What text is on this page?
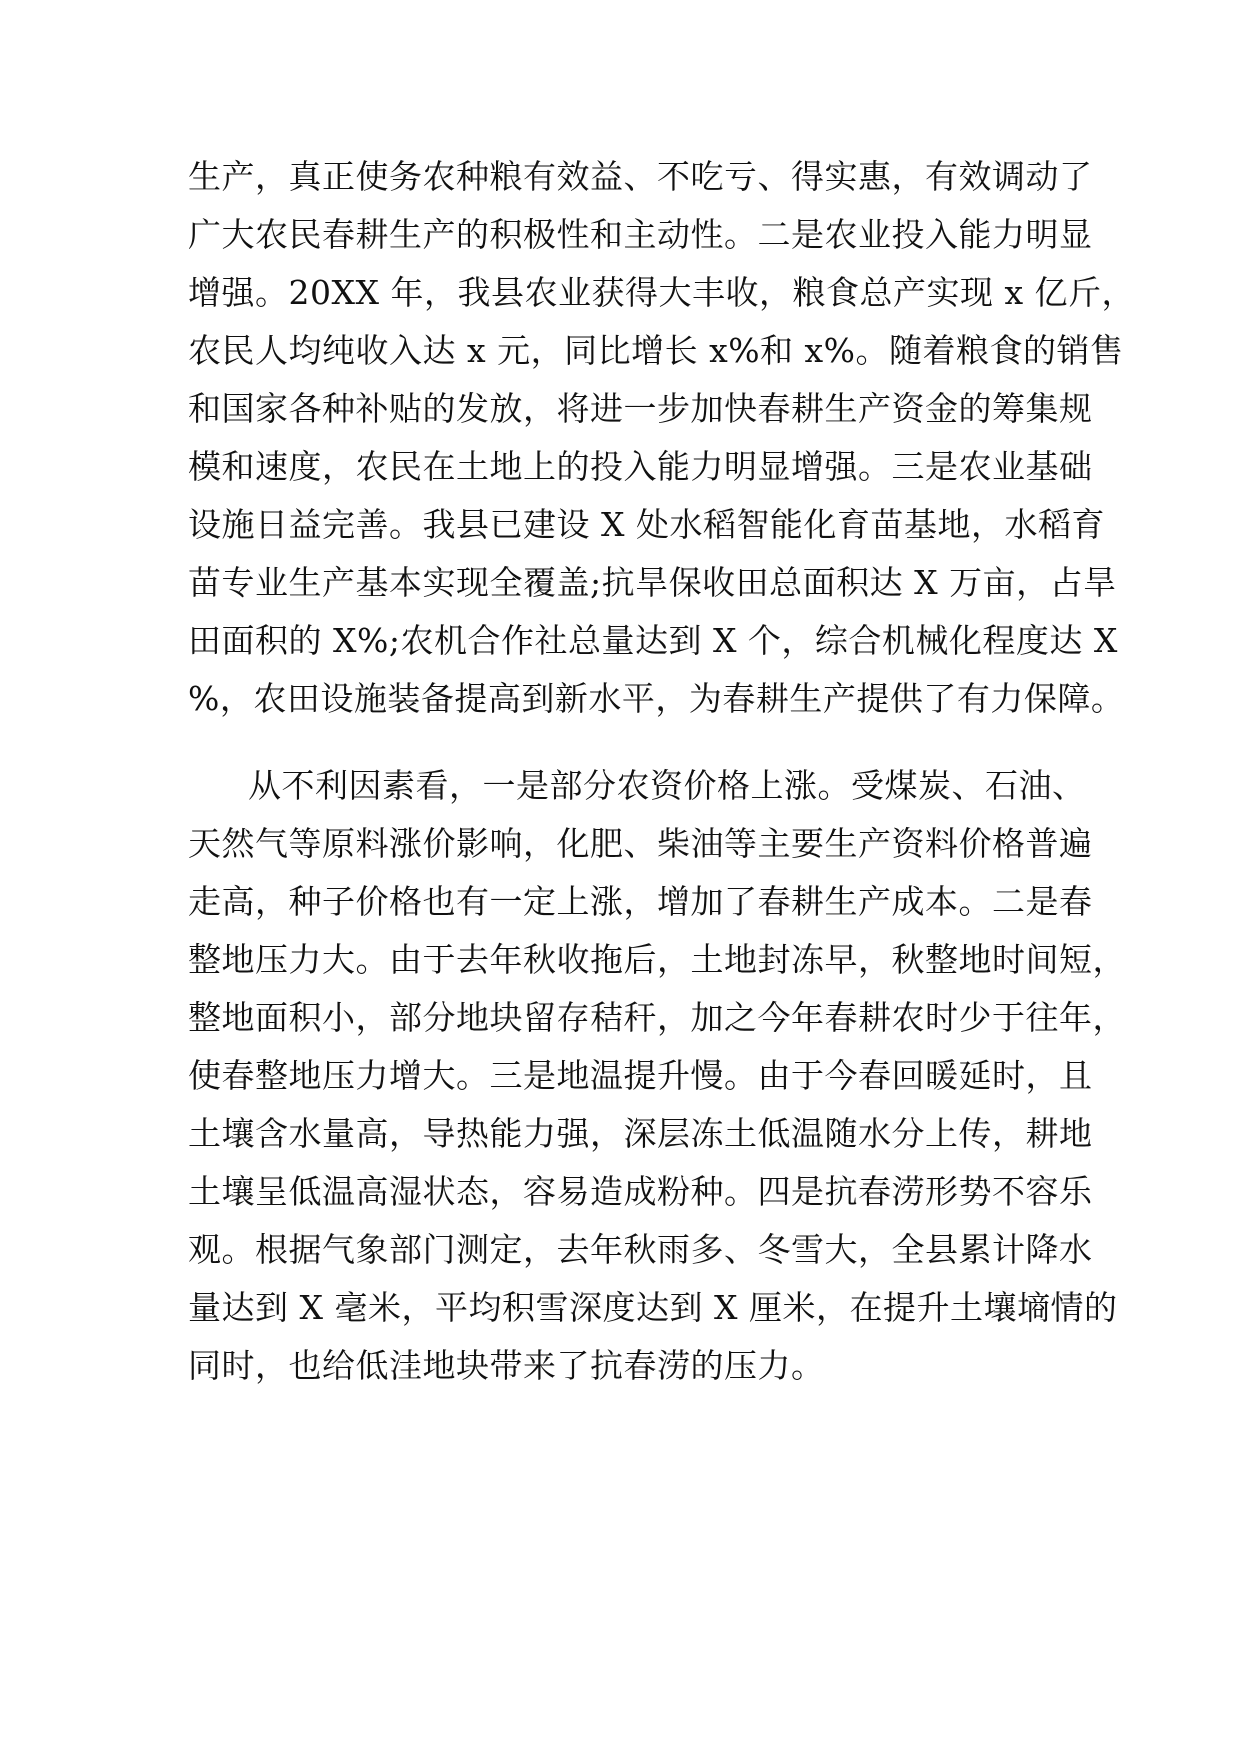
生产，真正使务农种粮有效益、不吃亏、得实惠，有效调动了
广大农民春耕生产的积极性和主动性。二是农业投入能力明显
增强。20XX 年，我县农业获得大丰收，粮食总产实现 x 亿斤，
农民人均纯收入达 x 元，同比增长 x%和 x%。随着粮食的销售
和国家各种补贴的发放，将进一步加快春耕生产资金的筹集规
模和速度，农民在土地上的投入能力明显增强。三是农业基础
设施日益完善。我县已建设 X 处水稻智能化育苗基地，水稻育
苗专业生产基本实现全覆盖;抗旱保收田总面积达 X 万亩，占旱
田面积的 X%;农机合作社总量达到 X 个，综合机械化程度达 X
%，农田设施装备提高到新水平，为春耕生产提供了有力保障。
从不利因素看，一是部分农资价格上涨。受煤炭、石油、
天然气等原料涨价影响，化肥、柴油等主要生产资料价格普遍
走高，种子价格也有一定上涨，增加了春耕生产成本。二是春
整地压力大。由于去年秋收拖后，土地封冻早，秋整地时间短，
整地面积小，部分地块留存秸秆，加之今年春耕农时少于往年，
使春整地压力增大。三是地温提升慢。由于今春回暖延时，且
土壤含水量高，导热能力强，深层冻土低温随水分上传，耕地
土壤呈低温高湿状态，容易造成粉种。四是抗春涝形势不容乐
观。根据气象部门测定，去年秋雨多、冬雪大，全县累计降水
量达到 X 毫米，平均积雪深度达到 X 厘米，在提升土壤墒情的
同时，也给低洼地块带来了抗春涝的压力。
